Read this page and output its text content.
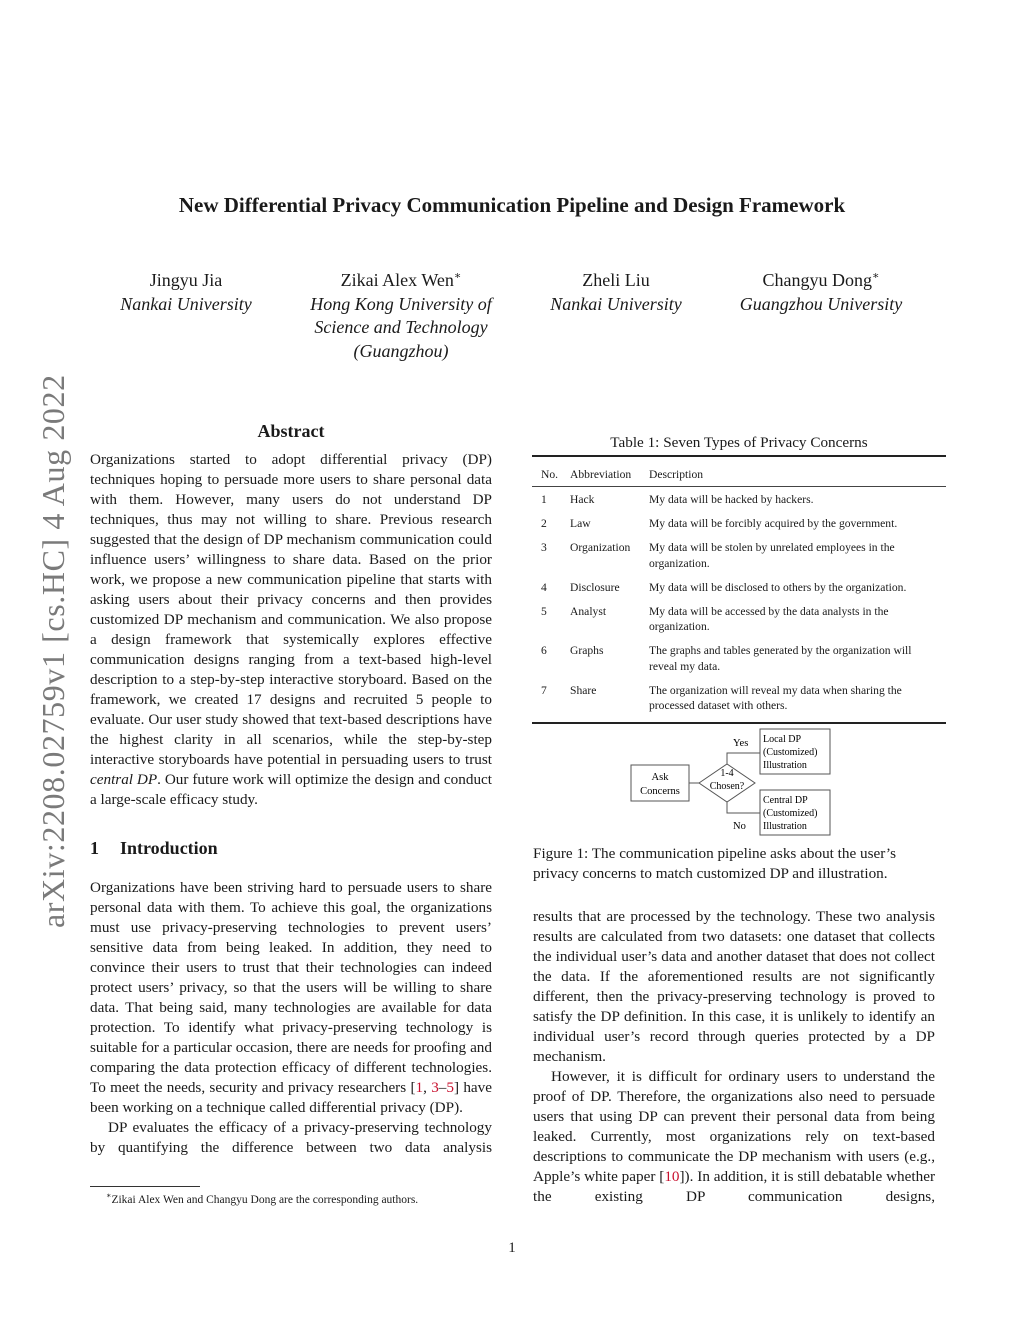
arXiv:2208.02759v1 [cs.HC] 4 Aug 2022
New Differential Privacy Communication Pipeline and Design Framework
Jingyu Jia
Nankai University
Zikai Alex Wen∗
Hong Kong University of
Science and Technology
(Guangzhou)
Zheli Liu
Nankai University
Changyu Dong∗
Guangzhou University
Abstract

Organizations started to adopt differential privacy (DP) techniques hoping to persuade more users to share personal data with them. However, many users do not understand DP techniques, thus may not willing to share. Previous research suggested that the design of DP mechanism communication could influence users’ willingness to share data. Based on the prior work, we propose a new communication pipeline that starts with asking users about their privacy concerns and then provides customized DP mechanism and communication. We also propose a design framework that systemically explores effective communication designs ranging from a text-based high-level description to a step-by-step interactive storyboard. Based on the framework, we created 17 designs and recruited 5 people to evaluate. Our user study showed that text-based descriptions have the highest clarity in all scenarios, while the step-by-step interactive storyboards have potential in persuading users to trust central DP. Our future work will optimize the design and conduct a large-scale efficacy study.

1 Introduction

Organizations have been striving hard to persuade users to share personal data with them. To achieve this goal, the organizations must use privacy-preserving technologies to prevent users’ sensitive data from being leaked. In addition, they need to convince their users to trust that their technologies can indeed protect users’ privacy, so that the users will be willing to share data. That being said, many technologies are available for data protection. To identify what privacy-preserving technology is suitable for a particular occasion, there are needs for proofing and comparing the data protection efficacy of different technologies. To meet the needs, security and privacy researchers [1, 3–5] have been working on a technique called differential privacy (DP).

DP evaluates the efficacy of a privacy-preserving technology by quantifying the difference between two data analysis

∗Zikai Alex Wen and Changyu Dong are the corresponding authors.
Table 1: Seven Types of Privacy Concerns
No.	Abbreviation	Description
1	Hack	My data will be hacked by hackers.
2	Law	My data will be forcibly acquired by the government.
3	Organization	My data will be stolen by unrelated employees in the organization.
4	Disclosure	My data will be disclosed to others by the organization.
5	Analyst	My data will be accessed by the data analysts in the organization.
6	Graphs	The graphs and tables generated by the organization will reveal my data.
7	Share	The organization will reveal my data when sharing the processed dataset with others.
Ask
Concerns
1-4
Chosen?
Yes
No
Local DP
(Customized)
Illustration
Central DP
(Customized)
Illustration
Figure 1: The communication pipeline asks about the user’s privacy concerns to match customized DP and illustration.

results that are processed by the technology. These two analysis results are calculated from two datasets: one dataset that collects the individual user’s data and another dataset that does not collect the data. If the aforementioned results are not significantly different, then the privacy-preserving technology is proved to satisfy the DP definition. In this case, it is unlikely to identify an individual user’s record through queries protected by a DP mechanism.

However, it is difficult for ordinary users to understand the proof of DP. Therefore, the organizations also need to persuade users that using DP can prevent their personal data from being leaked. Currently, most organizations rely on text-based descriptions to communicate the DP mechanism with users (e.g., Apple’s white paper [10]). In addition, it is still debatable whether the existing DP communication designs,

1
